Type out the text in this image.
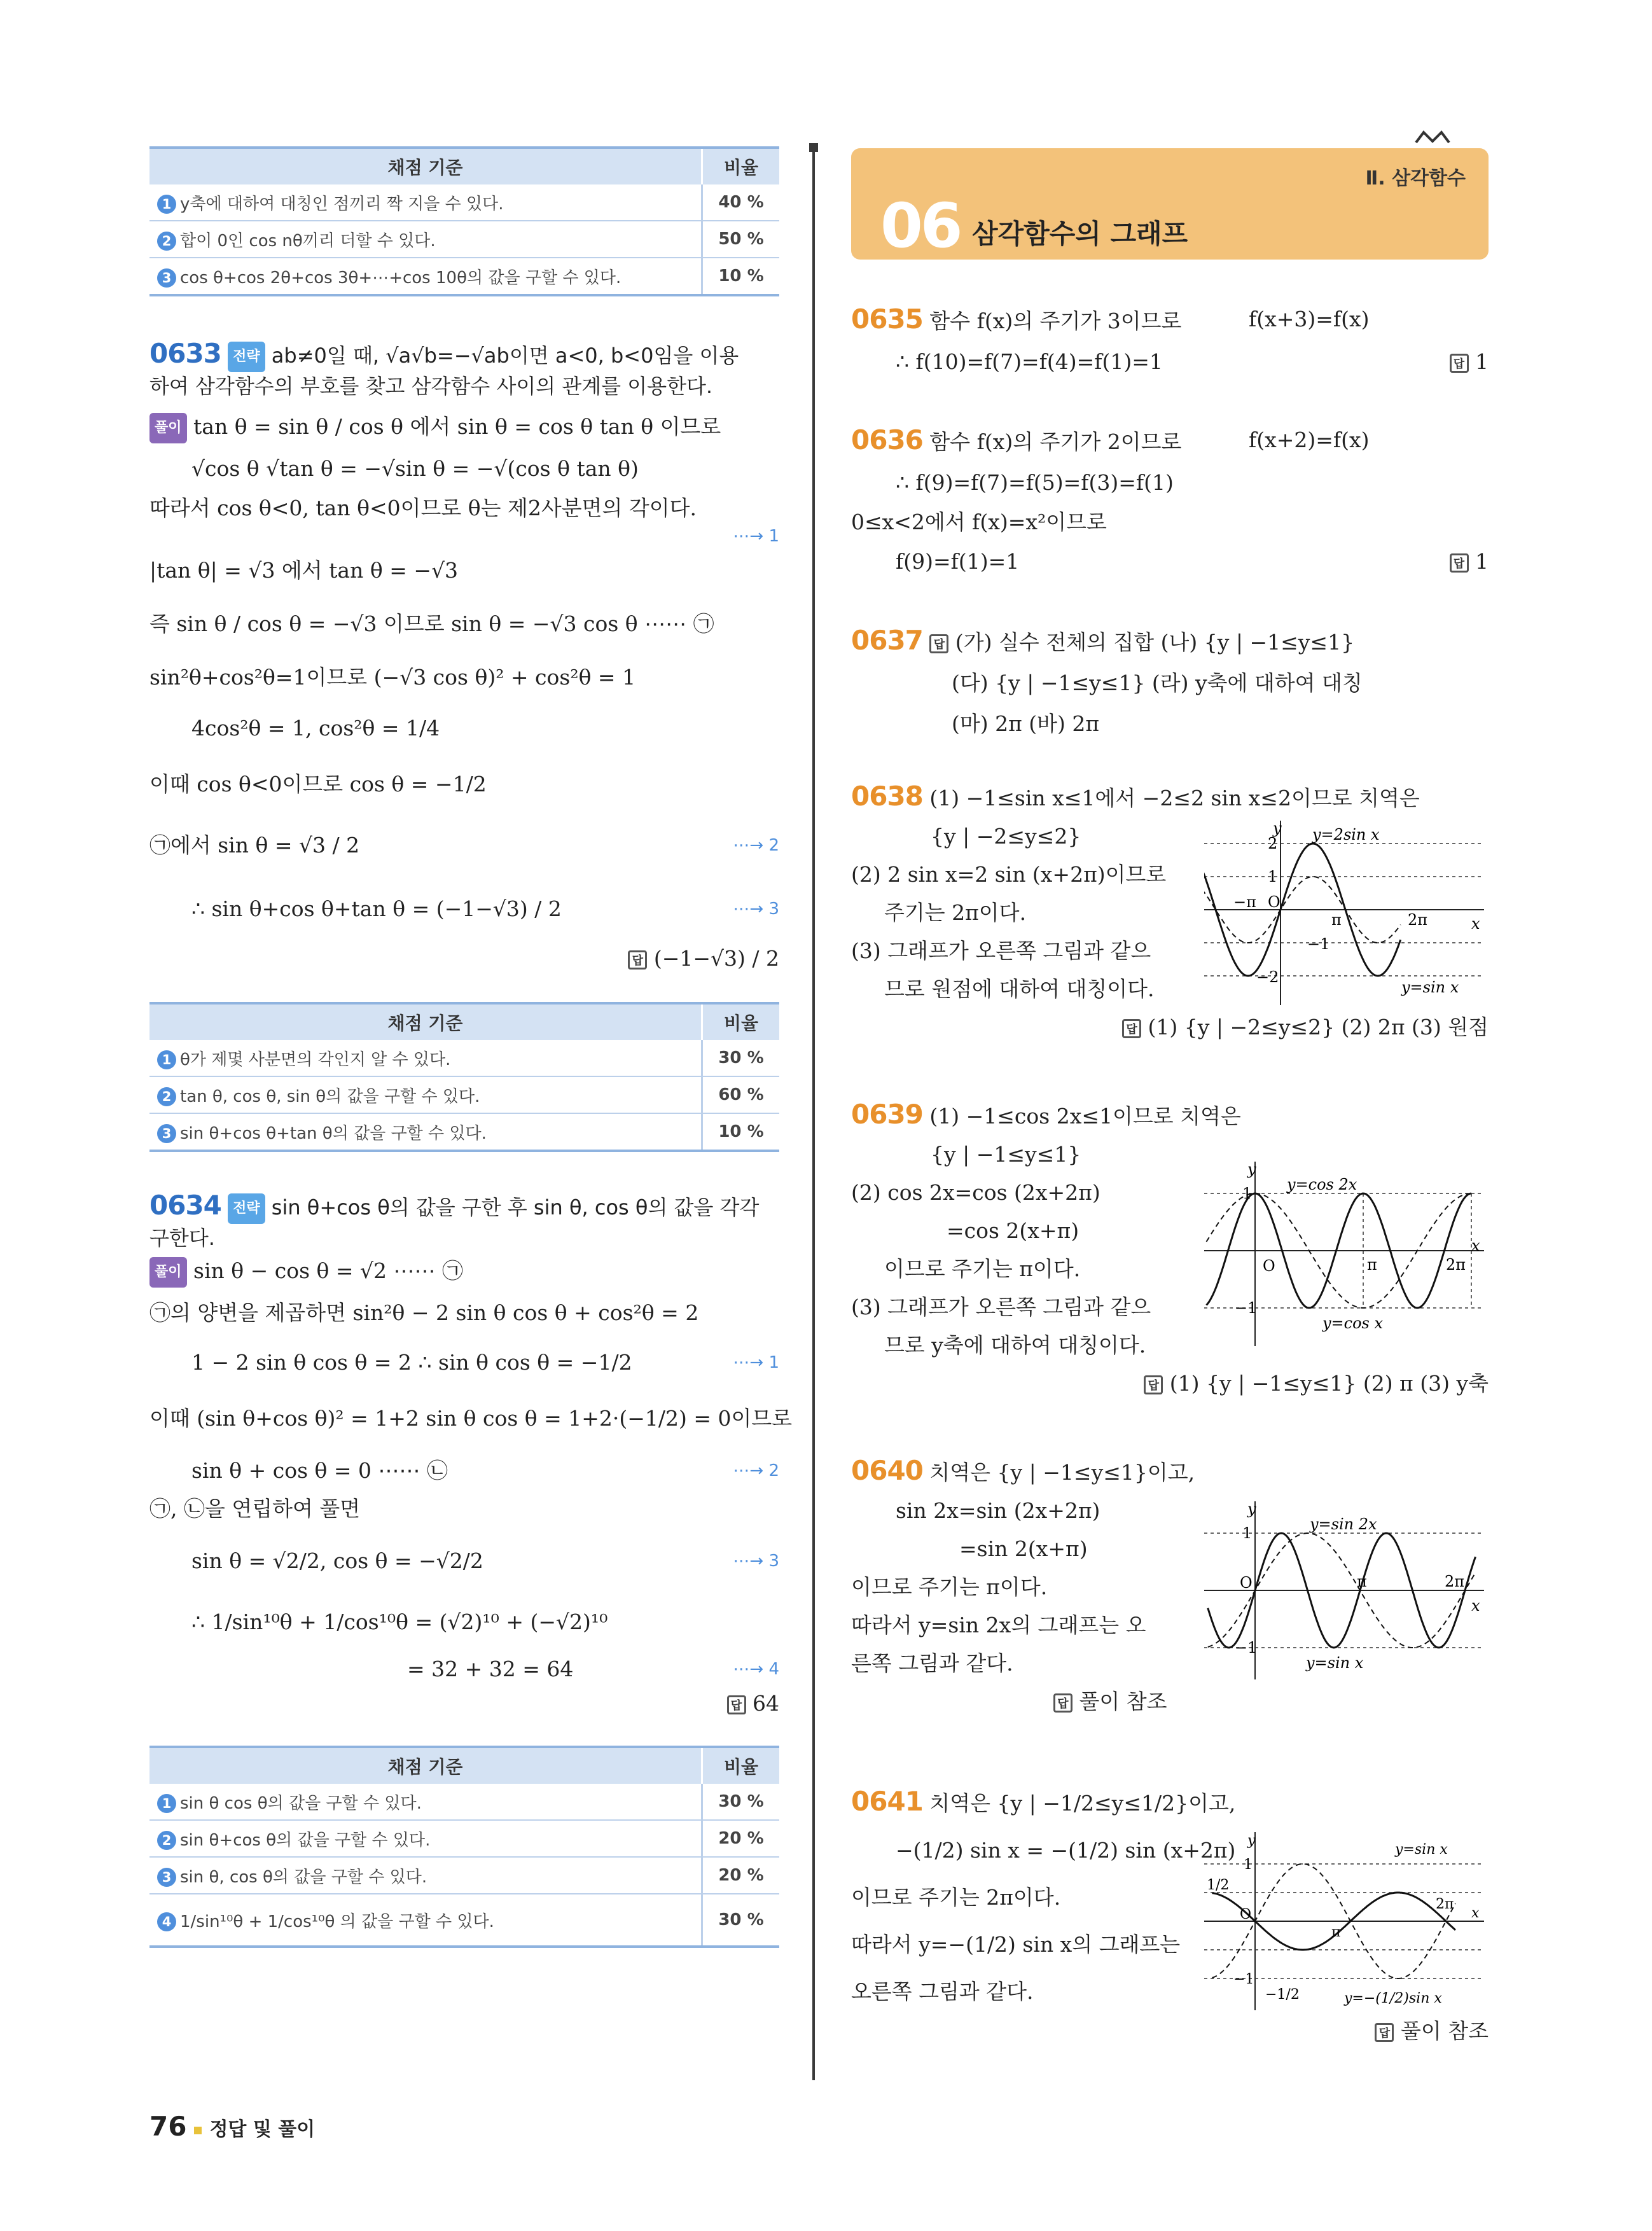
채점 기준	비율
1 y축에 대하여 대칭인 점끼리 짝 지을 수 있다.	40 %
2 합이 0인 cos nθ끼리 더할 수 있다.	50 %
3 cos θ+cos 2θ+cos 3θ+⋯+cos 10θ의 값을 구할 수 있다.	10 %
0633 전략 ab≠0일 때, √a√b=−√ab이면 a<0, b<0임을 이용
하여 삼각함수의 부호를 찾고 삼각함수 사이의 관계를 이용한다.
풀이 tan θ = sin θ / cos θ 에서 sin θ = cos θ tan θ 이므로
√cos θ √tan θ = −√sin θ = −√(cos θ tan θ)
따라서 cos θ<0, tan θ<0이므로 θ는 제2사분면의 각이다.
⋯→ 1
|tan θ| = √3 에서 tan θ = −√3
즉 sin θ / cos θ = −√3 이므로 sin θ = −√3 cos θ ⋯⋯ ㉠
sin²θ+cos²θ=1이므로 (−√3 cos θ)² + cos²θ = 1
4cos²θ = 1, cos²θ = 1/4
이때 cos θ<0이므로 cos θ = −1/2
㉠에서 sin θ = √3 / 2	⋯→ 2
∴ sin θ+cos θ+tan θ = (−1−√3) / 2	⋯→ 3
답 (−1−√3) / 2
채점 기준	비율
1 θ가 제몇 사분면의 각인지 알 수 있다.	30 %
2 tan θ, cos θ, sin θ의 값을 구할 수 있다.	60 %
3 sin θ+cos θ+tan θ의 값을 구할 수 있다.	10 %
0634 전략 sin θ+cos θ의 값을 구한 후 sin θ, cos θ의 값을 각각
구한다.
풀이 sin θ − cos θ = √2 ⋯⋯ ㉠
㉠의 양변을 제곱하면 sin²θ − 2 sin θ cos θ + cos²θ = 2
1 − 2 sin θ cos θ = 2 ∴ sin θ cos θ = −1/2	⋯→ 1
이때 (sin θ+cos θ)² = 1+2 sin θ cos θ = 1+2·(−1/2) = 0이므로
sin θ + cos θ = 0 ⋯⋯ ㉡	⋯→ 2
㉠, ㉡을 연립하여 풀면
sin θ = √2/2, cos θ = −√2/2	⋯→ 3
∴ 1/sin¹⁰θ + 1/cos¹⁰θ = (√2)¹⁰ + (−√2)¹⁰
= 32 + 32 = 64	⋯→ 4
답 64
채점 기준	비율
1 sin θ cos θ의 값을 구할 수 있다.	30 %
2 sin θ+cos θ의 값을 구할 수 있다.	20 %
3 sin θ, cos θ의 값을 구할 수 있다.	20 %
4 1/sin¹⁰θ + 1/cos¹⁰θ 의 값을 구할 수 있다.	30 %
Ⅱ. 삼각함수
06 삼각함수의 그래프
0635 함수 f(x)의 주기가 3이므로	f(x+3)=f(x)
∴ f(10)=f(7)=f(4)=f(1)=1	답 1
0636 함수 f(x)의 주기가 2이므로	f(x+2)=f(x)
∴ f(9)=f(7)=f(5)=f(3)=f(1)
0≤x<2에서 f(x)=x²이므로
f(9)=f(1)=1	답 1
0637 답 (가) 실수 전체의 집합 (나) {y | −1≤y≤1}
(다) {y | −1≤y≤1} (라) y축에 대하여 대칭
(마) 2π (바) 2π
0638 (1) −1≤sin x≤1에서 −2≤2 sin x≤2이므로 치역은
{y | −2≤y≤2}
(2) 2 sin x=2 sin (x+2π)이므로
주기는 2π이다.
(3) 그래프가 오른쪽 그림과 같으
므로 원점에 대하여 대칭이다.
답 (1) {y | −2≤y≤2} (2) 2π (3) 원점
y
x
O
2
1
−1
−2
−π
π	2π
y=2sin x
y=sin x
0639 (1) −1≤cos 2x≤1이므로 치역은
{y | −1≤y≤1}
(2) cos 2x=cos (2x+2π)
=cos 2(x+π)
이므로 주기는 π이다.
(3) 그래프가 오른쪽 그림과 같으
므로 y축에 대하여 대칭이다.
답 (1) {y | −1≤y≤1} (2) π (3) y축
y
x
O
1
−1
π	2π
y=cos 2x
y=cos x
0640 치역은 {y | −1≤y≤1}이고,
sin 2x=sin (2x+2π)
=sin 2(x+π)
이므로 주기는 π이다.
따라서 y=sin 2x의 그래프는 오
른쪽 그림과 같다.
답 풀이 참조
y
x
O
1
−1
π	2π
y=sin 2x
y=sin x
0641 치역은 {y | −1/2≤y≤1/2}이고,
−(1/2) sin x = −(1/2) sin (x+2π)
이므로 주기는 2π이다.
따라서 y=−(1/2) sin x의 그래프는
오른쪽 그림과 같다.
답 풀이 참조
y
x
O
1
1/2
−1
−1/2
π
2π
y=sin x
y=−(1/2)sin x
76 정답 및 풀이
